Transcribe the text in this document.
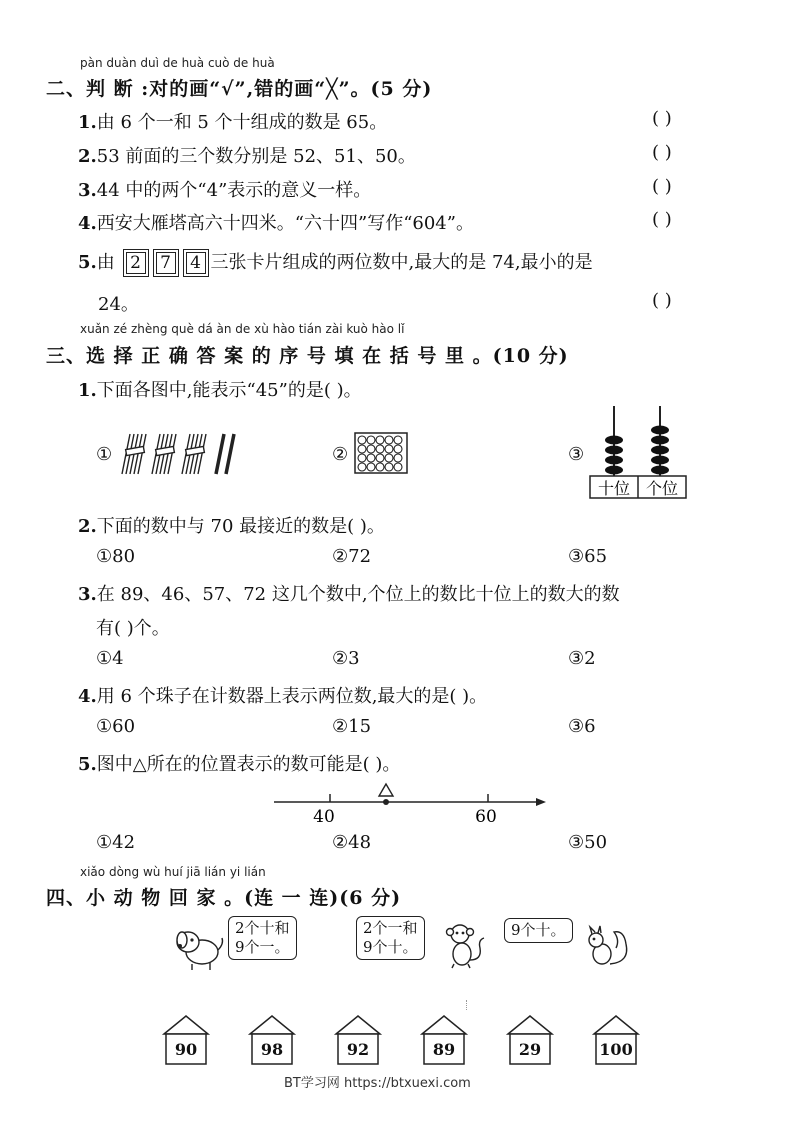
pàn duàn duì de huà cuò de huà
二、判 断 :对的画“√”,错的画“╳”。(5 分)
1.由 6 个一和 5 个十组成的数是 65。	( )
2.53 前面的三个数分别是 52、51、50。	( )
3.44 中的两个“4”表示的意义一样。	( )
4.西安大雁塔高六十四米。“六十四”写作“604”。	( )
5.由 2 7 4 三张卡片组成的两位数中,最大的是 74,最小的是
24。	( )
xuǎn zé zhèng què dá àn de xù hào tián zài kuò hào lǐ
三、选 择 正 确 答 案 的 序 号 填 在 括 号 里 。(10 分)
1.下面各图中,能表示“45”的是( )。
①	②	③
十位 个位
2.下面的数中与 70 最接近的数是( )。
①80	②72	③65
3.在 89、46、57、72 这几个数中,个位上的数比十位上的数大的数
有( )个。
①4	②3	③2
4.用 6 个珠子在计数器上表示两位数,最大的是( )。
①60	②15	③6
5.图中△所在的位置表示的数可能是( )。
40	60
①42	②48	③50
xiǎo dòng wù huí jiā lián yi lián
四、小 动 物 回 家 。(连 一 连)(6 分)
2个十和
9个一。
2个一和
9个十。
9个十。
90	98	92	89	29	100
BT学习网 https://btxuexi.com
